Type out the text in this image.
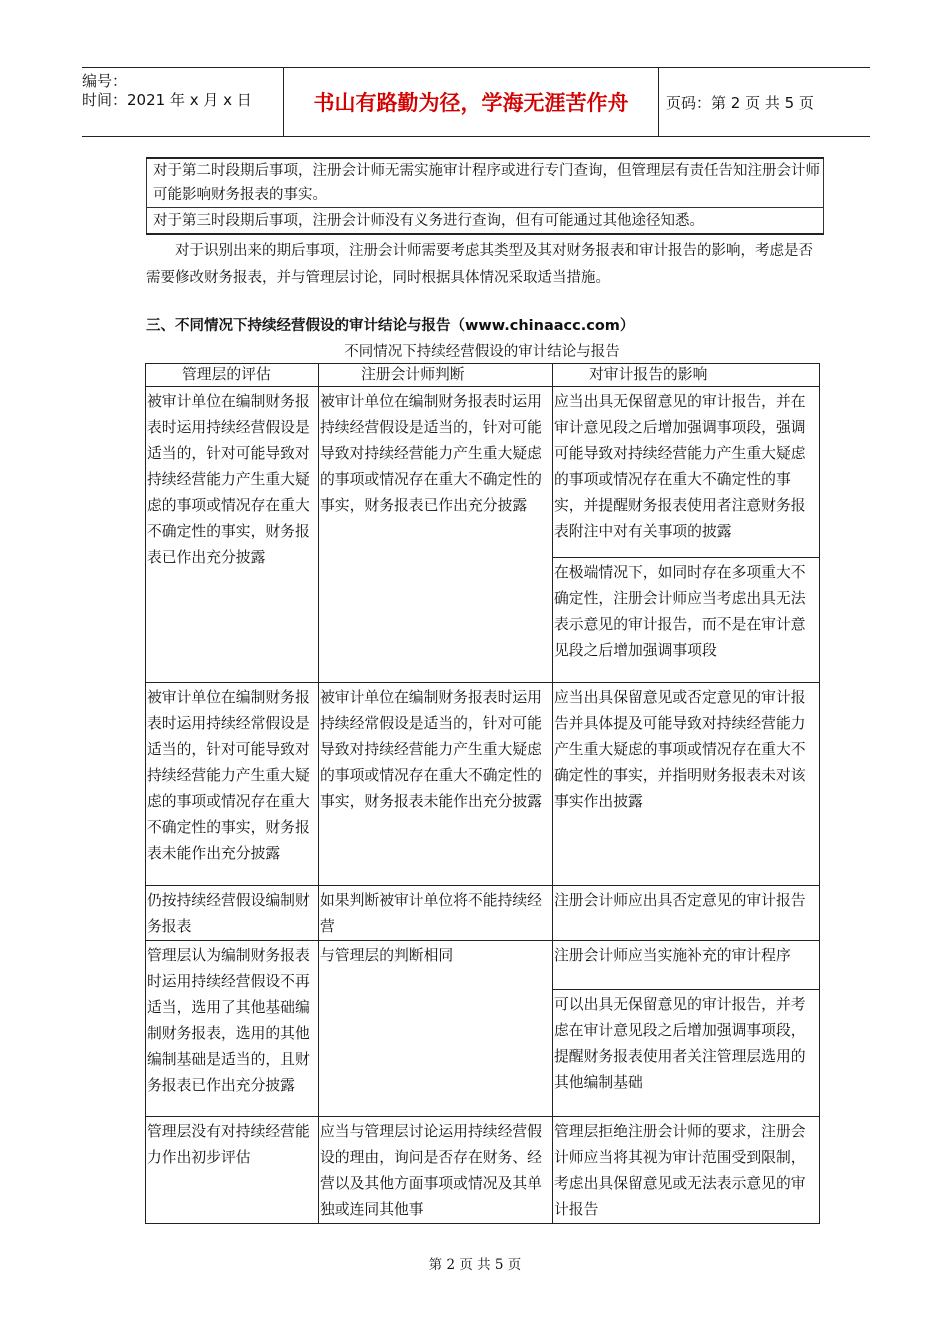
编号：
时间：2021 年 x 月 x 日	书山有路勤为径，学海无涯苦作舟	页码：第 2 页 共 5 页
对于第二时段期后事项，注册会计师无需实施审计程序或进行专门查询，但管理层有责任告知注册会计师可能影响财务报表的事实。
对于第三时段期后事项，注册会计师没有义务进行查询，但有可能通过其他途径知悉。
对于识别出来的期后事项，注册会计师需要考虑其类型及其对财务报表和审计报告的影响，考虑是否需要修改财务报表，并与管理层讨论，同时根据具体情况采取适当措施。
三、不同情况下持续经营假设的审计结论与报告（www.chinaacc.com）
不同情况下持续经营假设的审计结论与报告
管理层的评估	注册会计师判断	对审计报告的影响

被审计单位在编制财务报表时运用持续经营假设是适当的，针对可能导致对持续经营能力产生重大疑虑的事项或情况存在重大不确定性的事实，财务报表已作出充分披露	被审计单位在编制财务报表时运用持续经营假设是适当的，针对可能导致对持续经营能力产生重大疑虑的事项或情况存在重大不确定性的事实，财务报表已作出充分披露	应当出具无保留意见的审计报告，并在审计意见段之后增加强调事项段，强调可能导致对持续经营能力产生重大疑虑的事项或情况存在重大不确定性的事实，并提醒财务报表使用者注意财务报表附注中对有关事项的披露
		在极端情况下，如同时存在多项重大不确定性，注册会计师应当考虑出具无法表示意见的审计报告，而不是在审计意见段之后增加强调事项段
被审计单位在编制财务报表时运用持续经常假设是适当的，针对可能导致对持续经营能力产生重大疑虑的事项或情况存在重大不确定性的事实，财务报表未能作出充分披露	被审计单位在编制财务报表时运用持续经常假设是适当的，针对可能导致对持续经营能力产生重大疑虑的事项或情况存在重大不确定性的事实，财务报表未能作出充分披露	应当出具保留意见或否定意见的审计报告并具体提及可能导致对持续经营能力产生重大疑虑的事项或情况存在重大不确定性的事实，并指明财务报表未对该事实作出披露
仍按持续经营假设编制财务报表	如果判断被审计单位将不能持续经营	注册会计师应出具否定意见的审计报告
管理层认为编制财务报表时运用持续经营假设不再适当，选用了其他基础编制财务报表，选用的其他编制基础是适当的，且财务报表已作出充分披露	与管理层的判断相同	注册会计师应当实施补充的审计程序
		可以出具无保留意见的审计报告，并考虑在审计意见段之后增加强调事项段，提醒财务报表使用者关注管理层选用的其他编制基础
管理层没有对持续经营能力作出初步评估	应当与管理层讨论运用持续经营假设的理由，询问是否存在财务、经营以及其他方面事项或情况及其单独或连同其他事	管理层拒绝注册会计师的要求，注册会计师应当将其视为审计范围受到限制，考虑出具保留意见或无法表示意见的审计报告
第 2 页 共 5 页
